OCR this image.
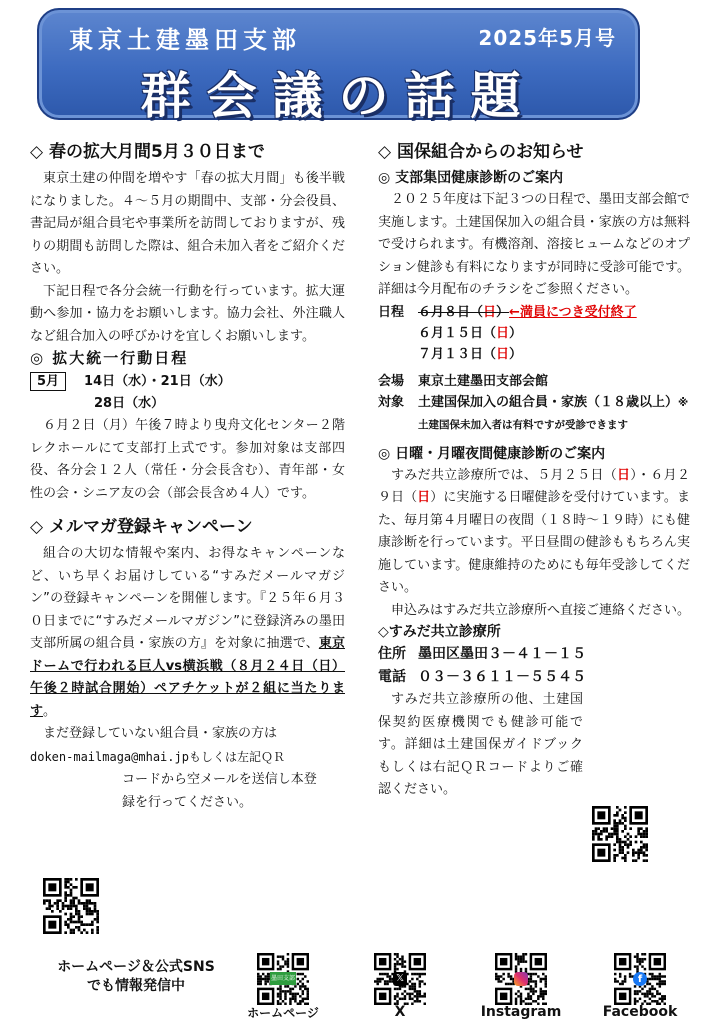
東京土建墨田支部	2025年5月号
群会議の話題
◇ 春の拡大月間5月３０日まで

東京土建の仲間を増やす「春の拡大月間」も後半戦になりました。４～５月の期間中、支部・分会役員、書記局が組合員宅や事業所を訪問しておりますが、残りの期間も訪問した際は、組合未加入者をご紹介ください。

下記日程で各分会統一行動を行っています。拡大運動へ参加・協力をお願いします。協力会社、外注職人など組合加入の呼びかけを宜しくお願いします。

◎ 拡大統一行動日程
5月 14日（水）・21日（水）
28日（水）

６月２日（月）午後７時より曳舟文化センター２階レクホールにて支部打上式です。参加対象は支部四役、各分会１２人（常任・分会長含む）、青年部・女性の会・シニア友の会（部会長含め４人）です。

◇ メルマガ登録キャンペーン

組合の大切な情報や案内、お得なキャンペーンなど、いち早くお届けしている“すみだメールマガジン”の登録キャンペーンを開催します。『２５年６月３０日までに“すみだメールマガジン”に登録済みの墨田支部所属の組合員・家族の方』を対象に抽選で、東京ドームで行われる巨人vs横浜戦（８月２４日（日）午後２時試合開始）ペアチケットが２組に当たります。

まだ登録していない組合員・家族の方は

doken-mailmaga@mhai.jpもしくは左記ＱＲ
コードから空メールを送信し本登録を行ってください。
◇ 国保組合からのお知らせ
◎ 支部集団健康診断のご案内

２０２５年度は下記３つの日程で、墨田支部会館で実施します。土建国保加入の組合員・家族の方は無料で受けられます。有機溶剤、溶接ヒュームなどのオプション健診も有料になりますが同時に受診可能です。詳細は今月配布のチラシをご参照ください。

日程	６月８日（日）←満員につき受付終了
６月１５日（日）
７月１３日（日）
会場	東京土建墨田支部会館
対象	土建国保加入の組合員・家族（１８歳以上）※土建国保未加入者は有料ですが受診できます
◎ 日曜・月曜夜間健康診断のご案内

すみだ共立診療所では、５月２５日（日）・６月２９日（日）に実施する日曜健診を受付けています。また、毎月第４月曜日の夜間（１８時～１９時）にも健康診断を行っています。平日昼間の健診ももちろん実施しています。健康維持のためにも毎年受診してください。

申込みはすみだ共立診療所へ直接ご連絡ください。

◇すみだ共立診療所
住所 墨田区墨田３－４１－１５
電話 ０３－３６１１－５５４５

すみだ共立診療所の他、土建国保契約医療機関でも健診可能です。詳細は土建国保ガイドブックもしくは右記ＱＲコードよりご確認ください。

ホームページ＆公式SNS
でも情報発信中	墨田支部
ホームページ
𝕏
X	Instagram
f
Facebook
